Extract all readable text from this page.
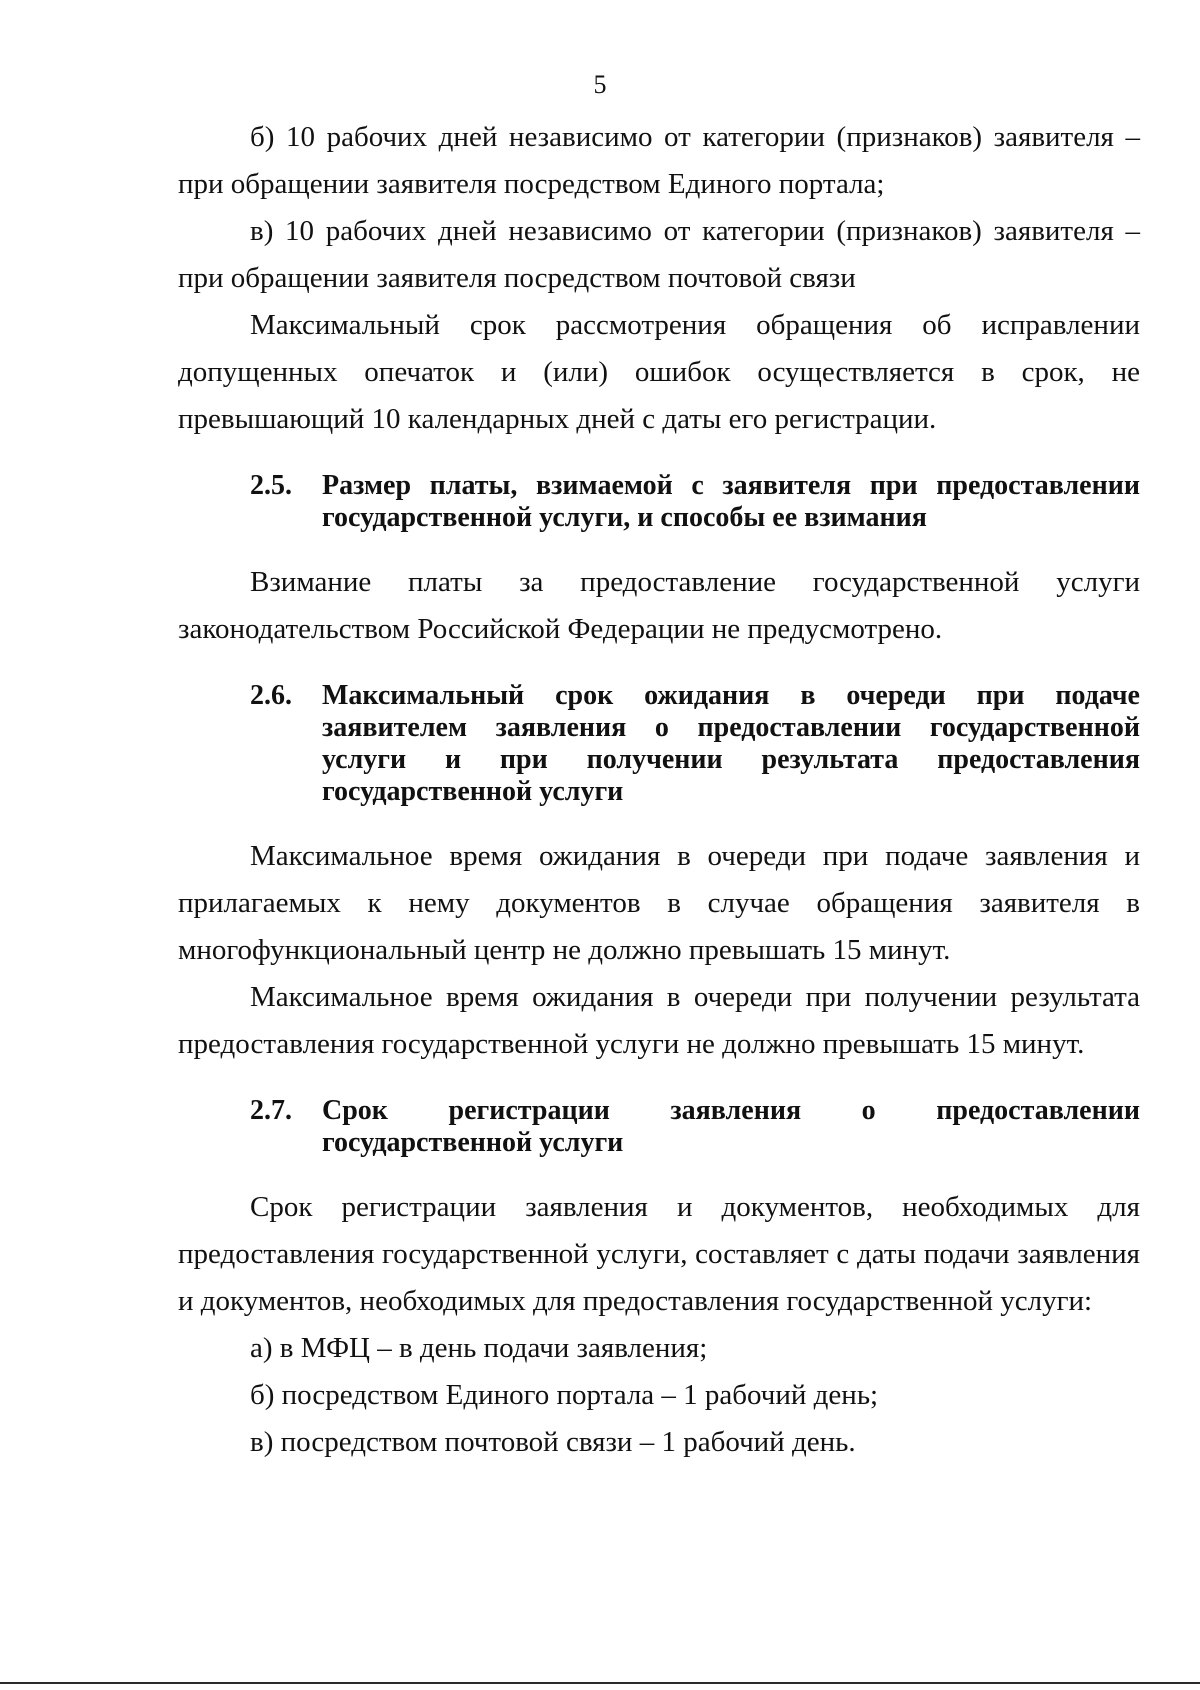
5

б) 10 рабочих дней независимо от категории (признаков) заявителя – при обращении заявителя посредством Единого портала;

в) 10 рабочих дней независимо от категории (признаков) заявителя – при обращении заявителя посредством почтовой связи

Максимальный срок рассмотрения обращения об исправлении допущенных опечаток и (или) ошибок осуществляется в срок, не превышающий 10 календарных дней с даты его регистрации.

2.5.	Размер платы, взимаемой с заявителя при предоставлении государственной услуги, и способы ее взимания

Взимание платы за предоставление государственной услуги законодательством Российской Федерации не предусмотрено.

2.6.	Максимальный срок ожидания в очереди при подаче заявителем заявления о предоставлении государственной услуги и при получении результата предоставления государственной услуги

Максимальное время ожидания в очереди при подаче заявления и прилагаемых к нему документов в случае обращения заявителя в многофункциональный центр не должно превышать 15 минут.

Максимальное время ожидания в очереди при получении результата предоставления государственной услуги не должно превышать 15 минут.

2.7.	Срок регистрации заявления о предоставлении государственной услуги

Срок регистрации заявления и документов, необходимых для предоставления государственной услуги, составляет с даты подачи заявления и документов, необходимых для предоставления государственной услуги:

а) в МФЦ – в день подачи заявления;

б) посредством Единого портала – 1 рабочий день;

в) посредством почтовой связи – 1 рабочий день.
